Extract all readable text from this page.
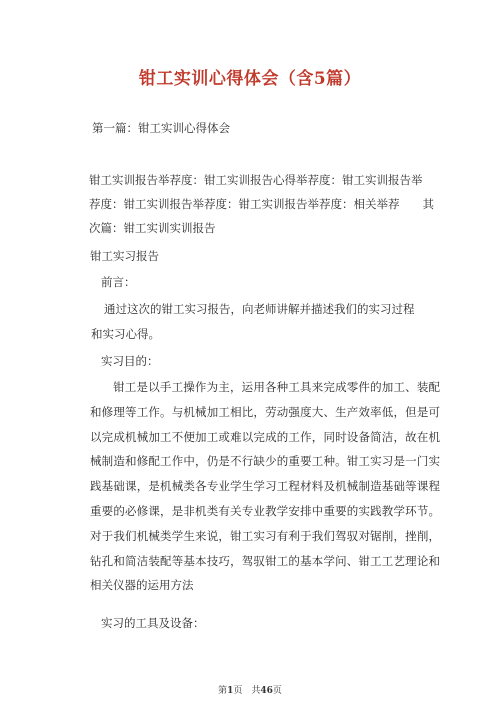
钳工实训心得体会（含5篇）

第一篇：钳工实训心得体会

钳工实训报告举荐度：钳工实训报告心得举荐度：钳工实训报告举

荐度：钳工实训报告举荐度：钳工实训报告举荐度：相关举荐　　其

次篇：钳工实训实训报告

钳工实习报告

前言：

通过这次的钳工实习报告，向老师讲解并描述我们的实习过程

和实习心得。

实习目的：

钳工是以手工操作为主，运用各种工具来完成零件的加工、装配和修理等工作。与机械加工相比，劳动强度大、生产效率低，但是可以完成机械加工不便加工或难以完成的工作，同时设备简洁，故在机械制造和修配工作中，仍是不行缺少的重要工种。钳工实习是一门实践基础课，是机械类各专业学生学习工程材料及机械制造基础等课程重要的必修课，是非机类有关专业教学安排中重要的实践教学环节。对于我们机械类学生来说，钳工实习有利于我们驾驭对锯削，挫削，钻孔和简洁装配等基本技巧，驾驭钳工的基本学问、钳工工艺理论和相关仪器的运用方法

实习的工具及设备：

第1页　共46页
